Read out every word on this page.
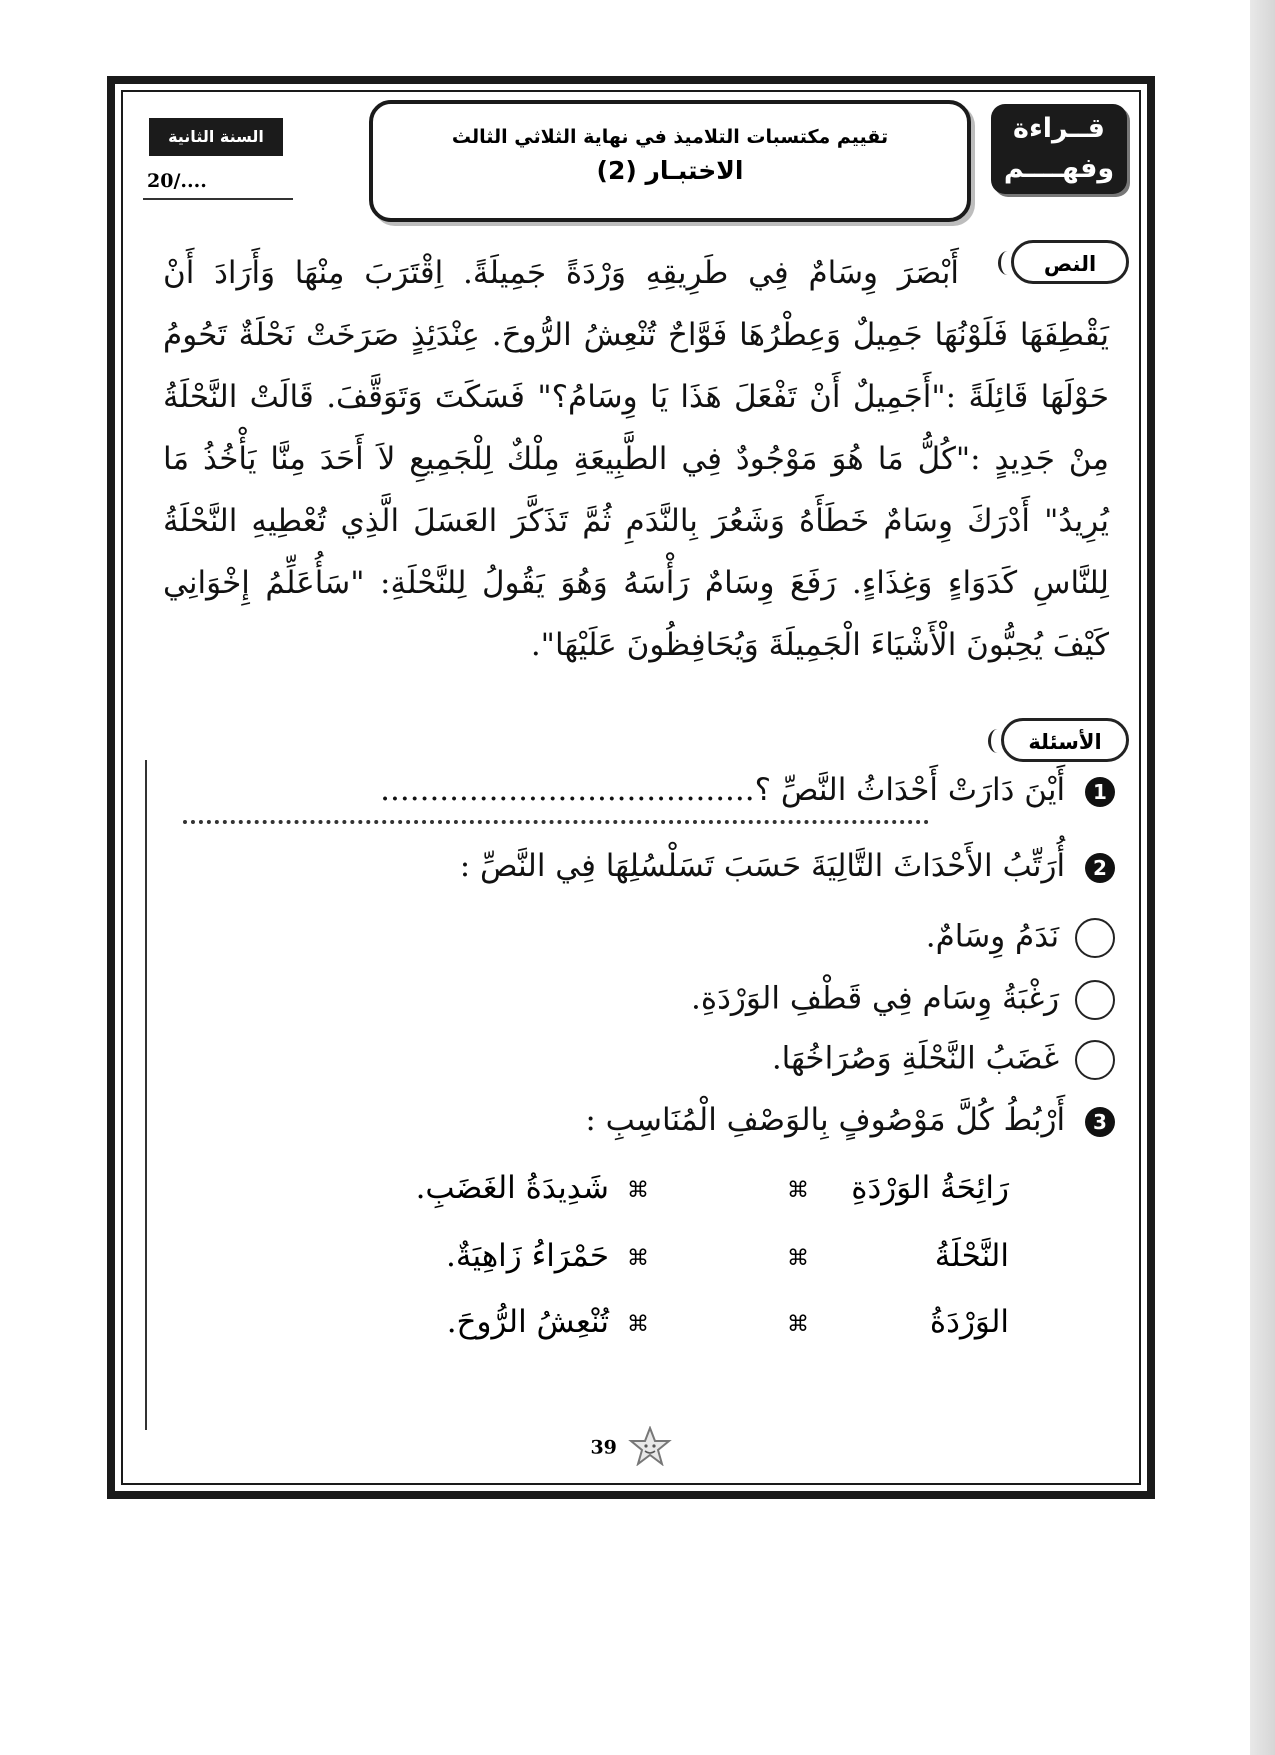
قــراءة
وفهــــم
تقييم مكتسبات التلاميذ في نهاية الثلاثي الثالث
الاختبـار (2)
السنة الثانية
20/....
النص
أَبْصَرَ وِسَامٌ فِي طَرِيقِهِ وَرْدَةً جَمِيلَةً. اِقْتَرَبَ مِنْهَا وَأَرَادَ أَنْ يَقْطِفَهَا فَلَوْنُهَا جَمِيلٌ وَعِطْرُهَا فَوَّاحٌ تُنْعِشُ الرُّوحَ. عِنْدَئِذٍ صَرَخَتْ نَحْلَةٌ تَحُومُ حَوْلَهَا قَائِلَةً :"أَجَمِيلٌ أَنْ تَفْعَلَ هَذَا يَا وِسَامُ؟" فَسَكَتَ وَتَوَقَّفَ. قَالَتْ النَّحْلَةُ مِنْ جَدِيدٍ :"كُلُّ مَا هُوَ مَوْجُودٌ فِي الطَّبِيعَةِ مِلْكٌ لِلْجَمِيعِ لاَ أَحَدَ مِنَّا يَأْخُذُ مَا يُرِيدُ" أَدْرَكَ وِسَامٌ خَطَأَهُ وَشَعُرَ بِالنَّدَمِ ثُمَّ تَذَكَّرَ العَسَلَ الَّذِي تُعْطِيهِ النَّحْلَةُ لِلنَّاسِ كَدَوَاءٍ وَغِذَاءٍ. رَفَعَ وِسَامٌ رَأْسَهُ وَهُوَ يَقُولُ لِلنَّحْلَةِ: "سَأُعَلِّمُ إِخْوَانِي كَيْفَ يُحِبُّونَ الْأَشْيَاءَ الْجَمِيلَةَ وَيُحَافِظُونَ عَلَيْهَا".
الأسئلة
1 أَيْنَ دَارَتْ أَحْدَاثُ النَّصِّ ؟......................................
2 أُرَتِّبُ الأَحْدَاثَ التَّالِيَةَ حَسَبَ تَسَلْسُلِهَا فِي النَّصِّ :
نَدَمُ وِسَامٌ.
رَغْبَةُ وِسَام فِي قَطْفِ الوَرْدَةِ.
غَضَبُ النَّحْلَةِ وَصُرَاخُهَا.
3 أَرْبُطُ كُلَّ مَوْصُوفٍ بِالوَصْفِ الْمُنَاسِبِ :
رَائِحَةُ الوَرْدَةِ
⌘
⌘
شَدِيدَةُ الغَضَبِ.
النَّحْلَةُ
⌘
⌘
حَمْرَاءُ زَاهِيَةٌ.
الوَرْدَةُ
⌘
⌘
تُنْعِشُ الرُّوحَ.
39
